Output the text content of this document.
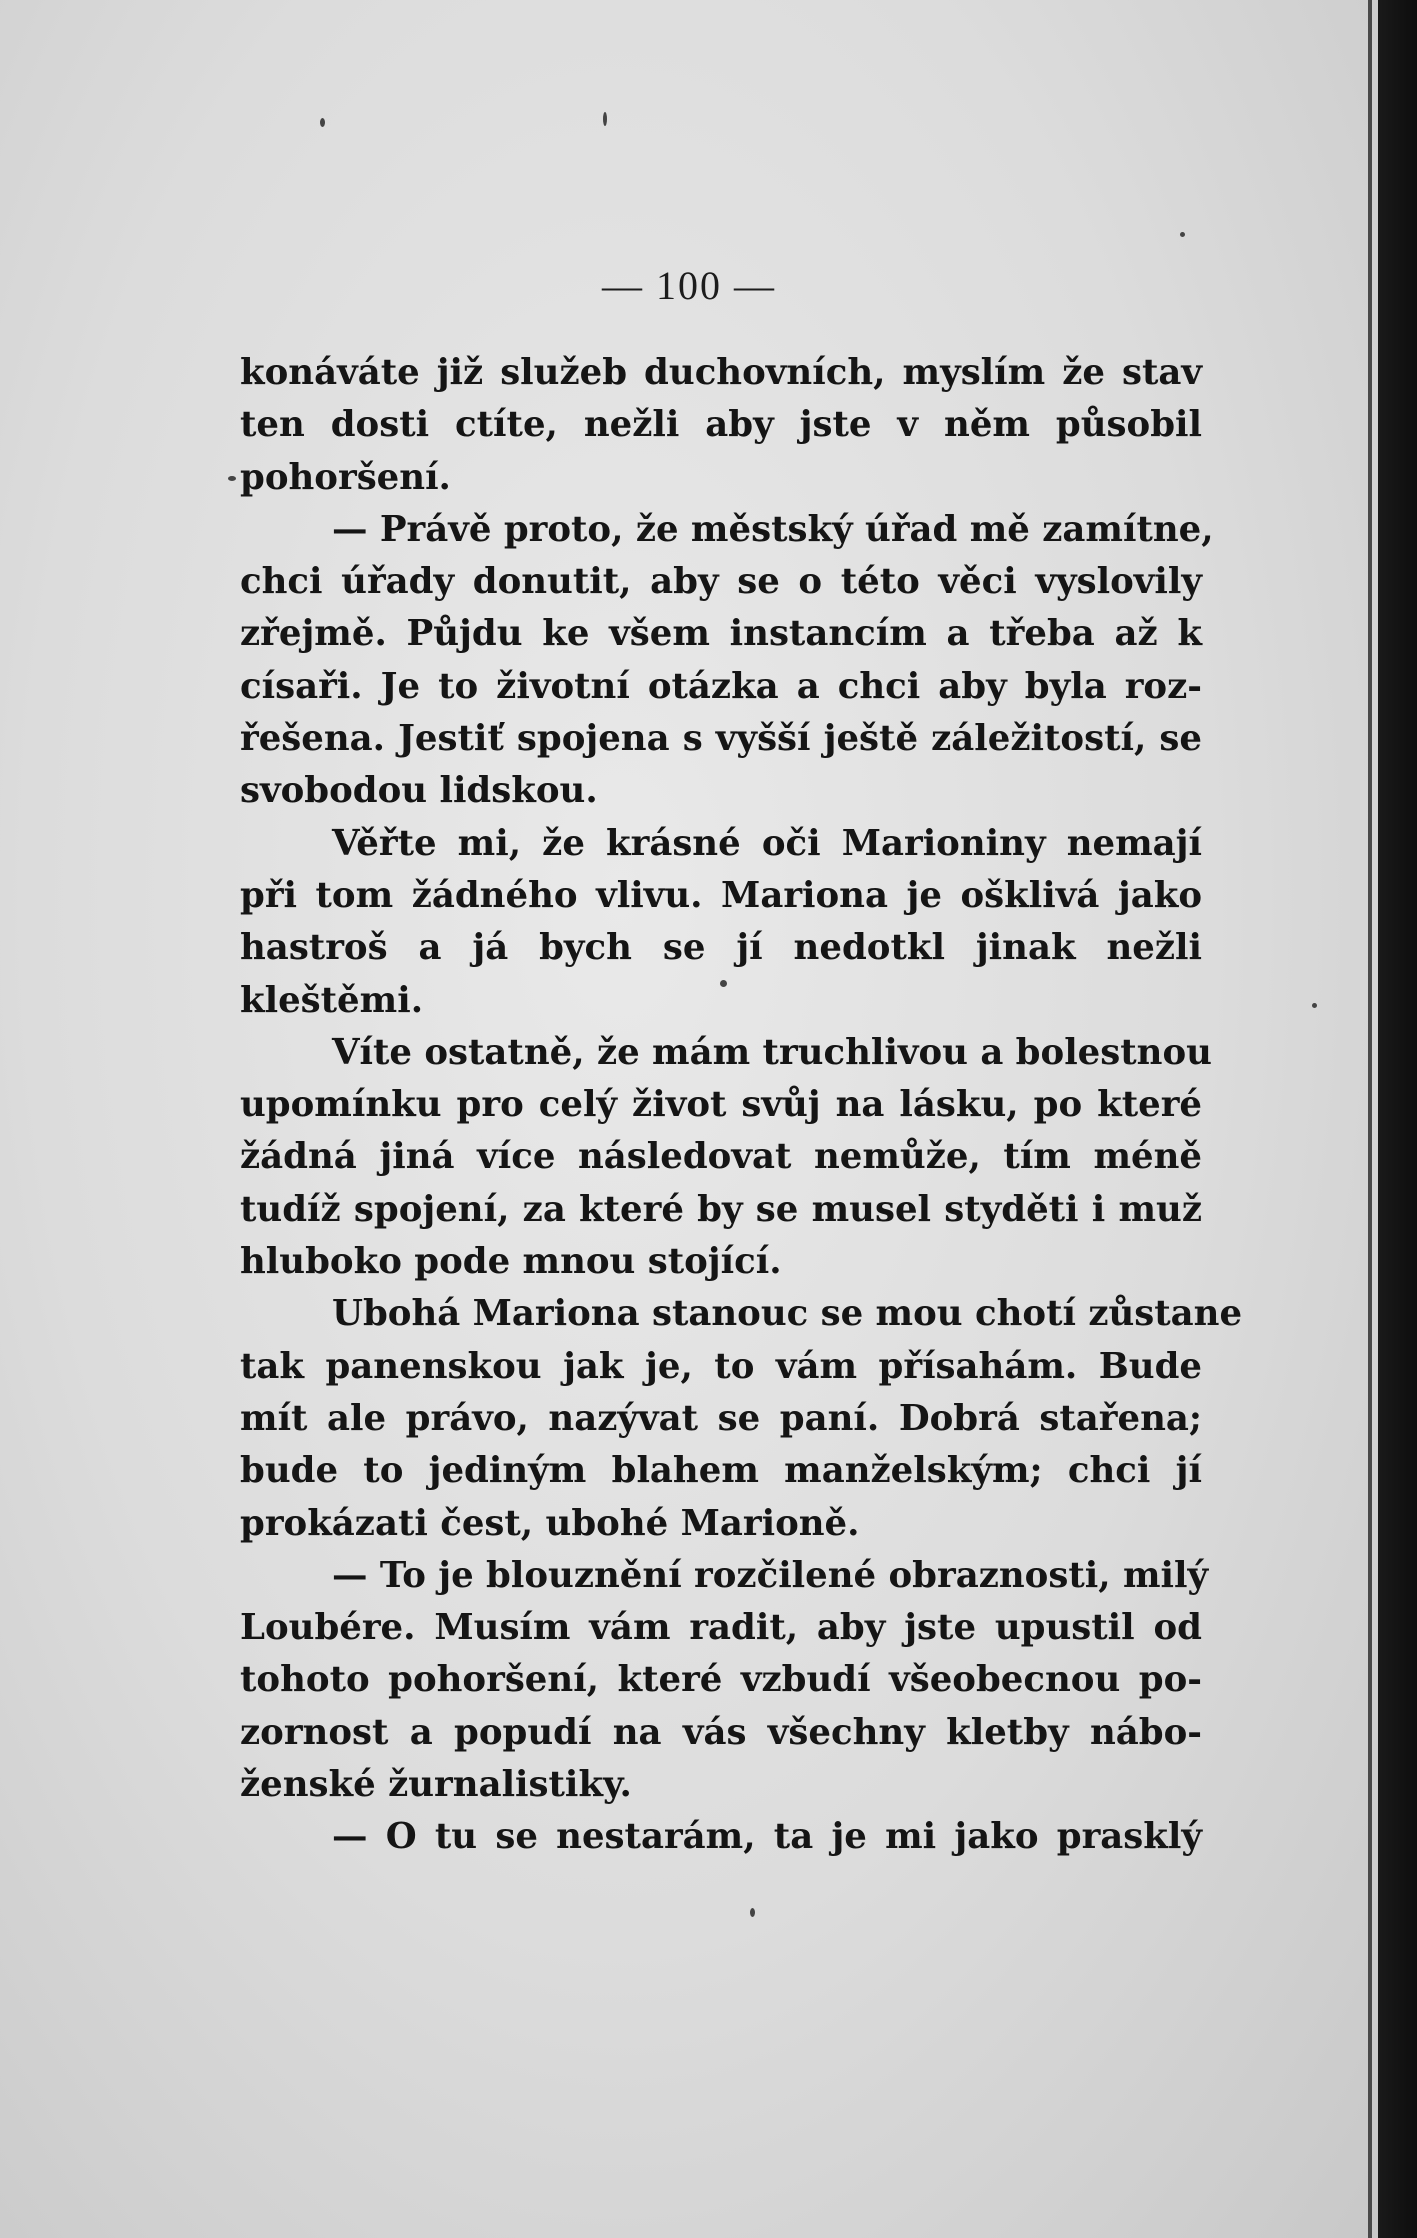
— 100 —
konáváte již služeb duchovních, myslím že stav
ten dosti ctíte, nežli aby jste v něm působil
pohoršení.
— Právě proto, že městský úřad mě zamítne,
chci úřady donutit, aby se o této věci vyslovily
zřejmě. Půjdu ke všem instancím a třeba až k
císaři. Je to životní otázka a chci aby byla roz-
řešena. Jestiť spojena s vyšší ještě záležitostí, se
svobodou lidskou.
Věřte mi, že krásné oči Marioniny nemají
při tom žádného vlivu. Mariona je ošklivá jako
hastroš a já bych se jí nedotkl jinak nežli
kleštěmi.
Víte ostatně, že mám truchlivou a bolestnou
upomínku pro celý život svůj na lásku, po které
žádná jiná více následovat nemůže, tím méně
tudíž spojení, za které by se musel styděti i muž
hluboko pode mnou stojící.
Ubohá Mariona stanouc se mou chotí zůstane
tak panenskou jak je, to vám přísahám. Bude
mít ale právo, nazývat se paní. Dobrá stařena;
bude to jediným blahem manželským; chci jí
prokázati čest, ubohé Marioně.
— To je blouznění rozčilené obraznosti, milý
Loubére. Musím vám radit, aby jste upustil od
tohoto pohoršení, které vzbudí všeobecnou po-
zornost a popudí na vás všechny kletby nábo-
ženské žurnalistiky.
— O tu se nestarám, ta je mi jako prasklý
